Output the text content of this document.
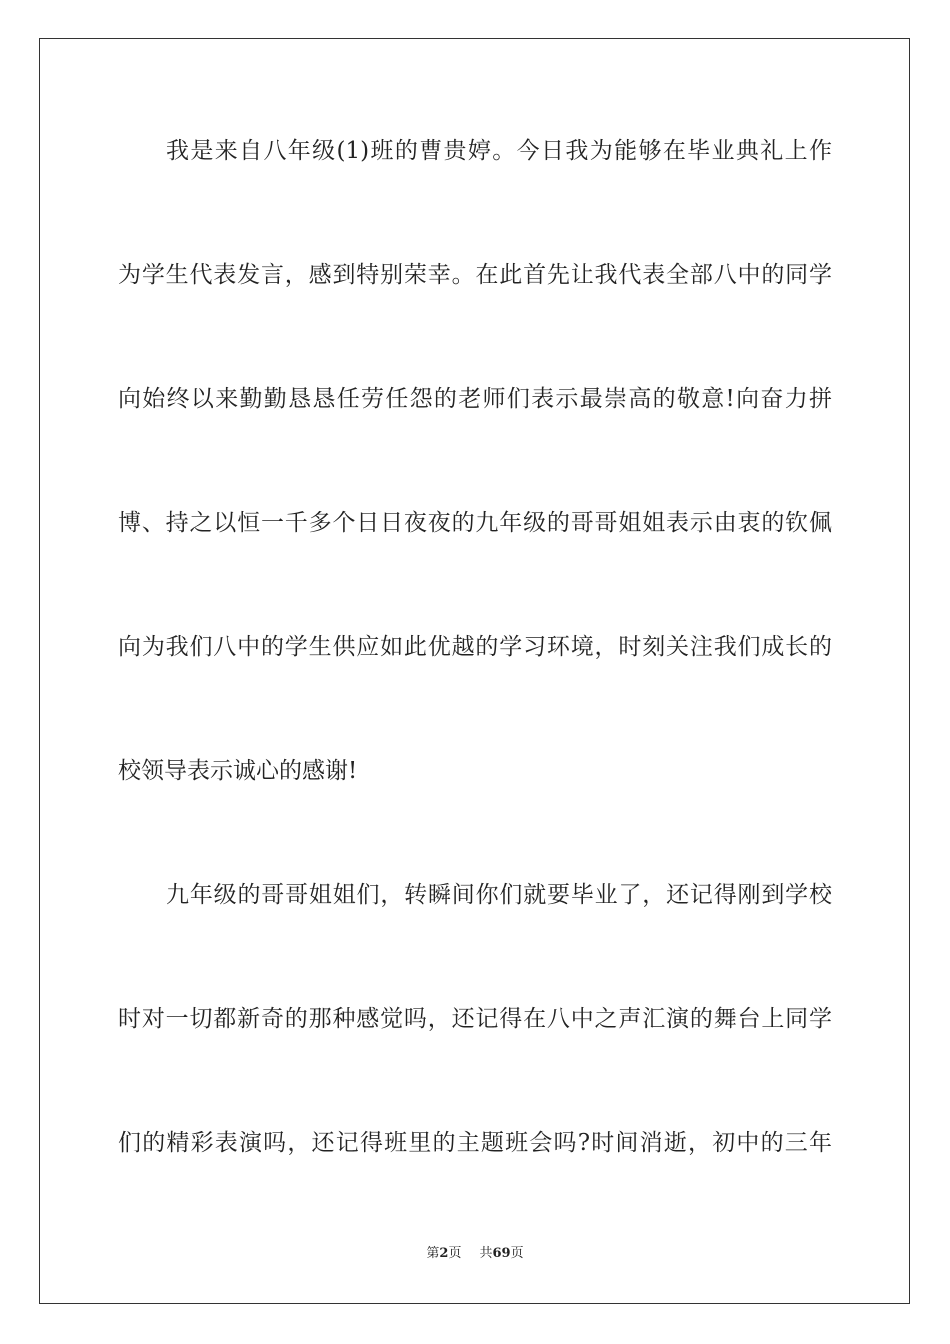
我是来自八年级(1)班的曹贵婷。今日我为能够在毕业典礼上作
为学生代表发言，感到特别荣幸。在此首先让我代表全部八中的同学
向始终以来勤勤恳恳任劳任怨的老师们表示最崇高的敬意!向奋力拼
博、持之以恒一千多个日日夜夜的九年级的哥哥姐姐表示由衷的钦佩
向为我们八中的学生供应如此优越的学习环境，时刻关注我们成长的
校领导表示诚心的感谢!
九年级的哥哥姐姐们，转瞬间你们就要毕业了，还记得刚到学校
时对一切都新奇的那种感觉吗，还记得在八中之声汇演的舞台上同学
们的精彩表演吗，还记得班里的主题班会吗?时间消逝，初中的三年
第2页 共69页
